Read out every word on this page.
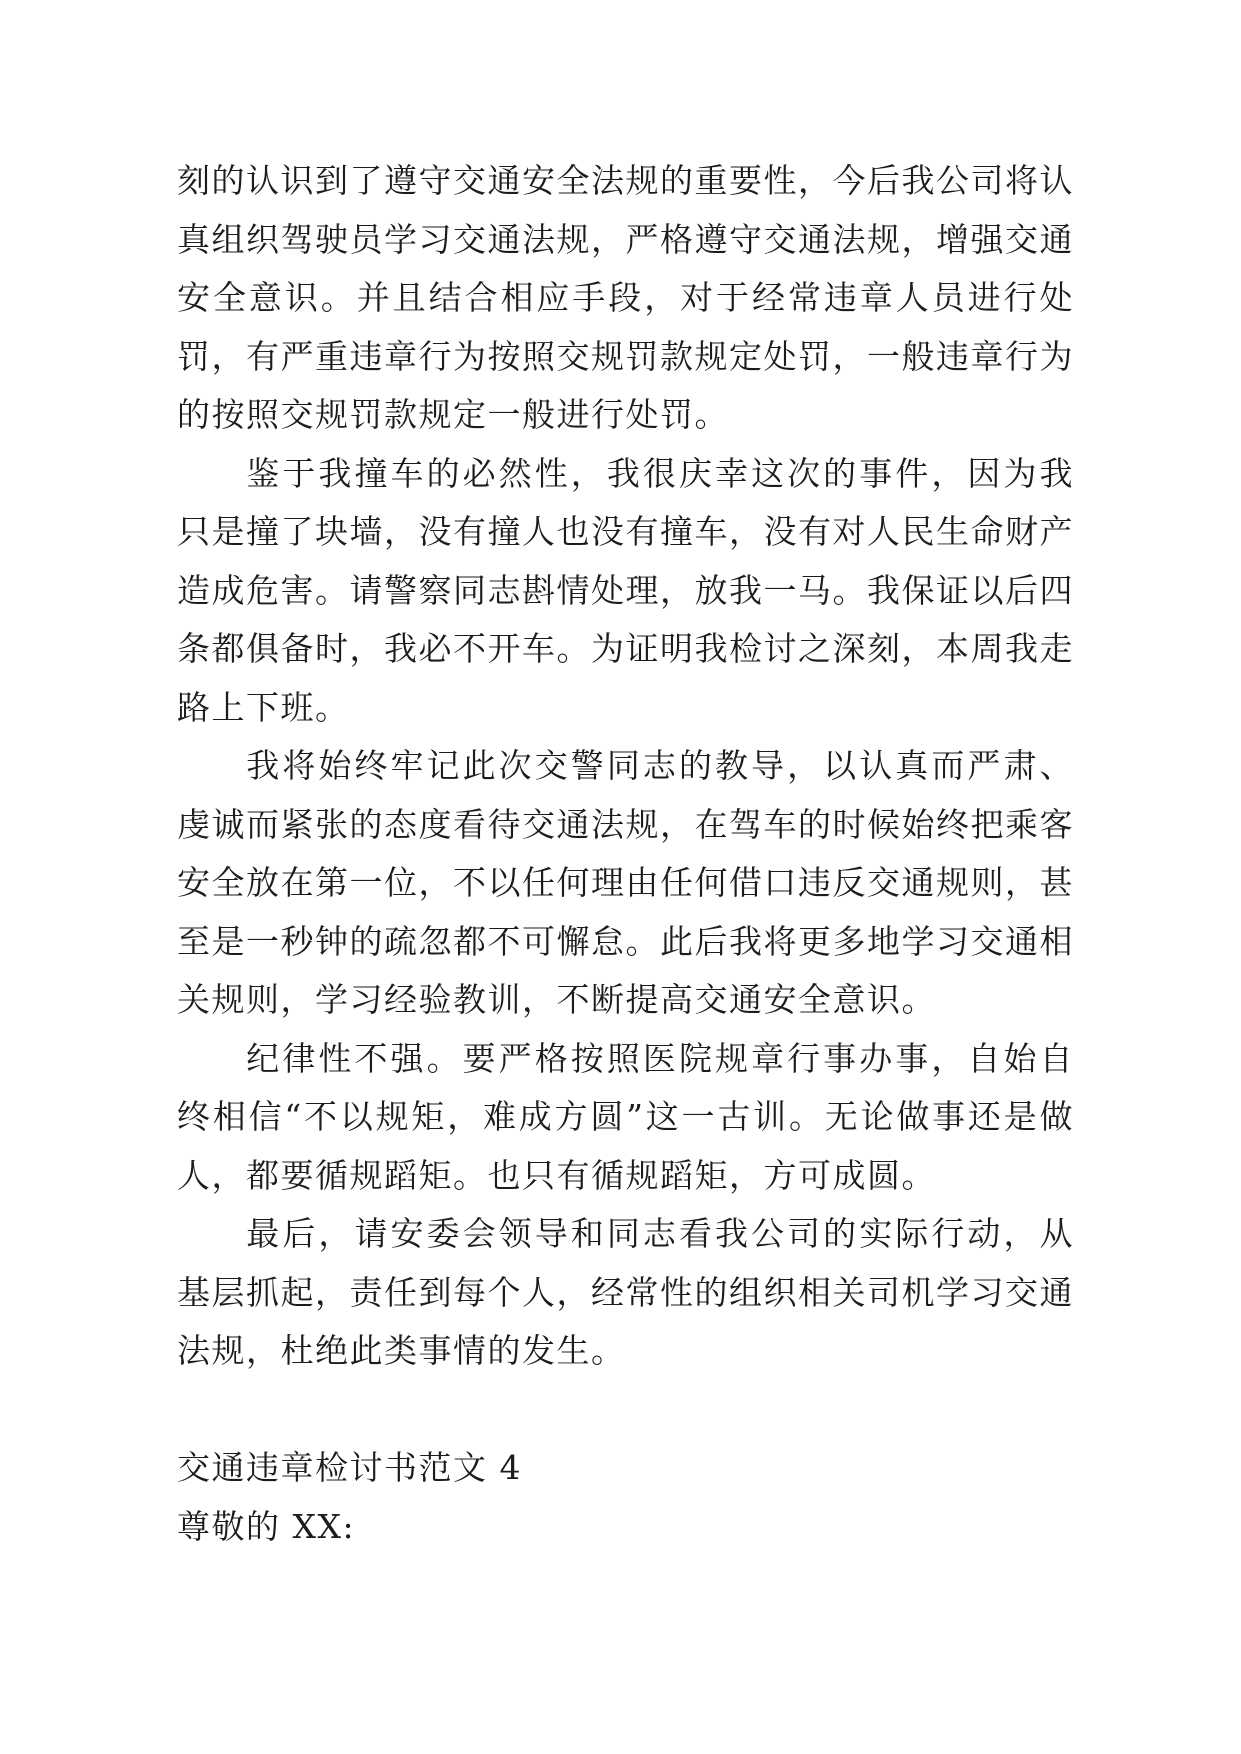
刻的认识到了遵守交通安全法规的重要性，今后我公司将认真组织驾驶员学习交通法规，严格遵守交通法规，增强交通安全意识。并且结合相应手段，对于经常违章人员进行处罚，有严重违章行为按照交规罚款规定处罚，一般违章行为的按照交规罚款规定一般进行处罚。

鉴于我撞车的必然性，我很庆幸这次的事件，因为我只是撞了块墙，没有撞人也没有撞车，没有对人民生命财产造成危害。请警察同志斟情处理，放我一马。我保证以后四条都俱备时，我必不开车。为证明我检讨之深刻，本周我走路上下班。

我将始终牢记此次交警同志的教导，以认真而严肃、虔诚而紧张的态度看待交通法规，在驾车的时候始终把乘客安全放在第一位，不以任何理由任何借口违反交通规则，甚至是一秒钟的疏忽都不可懈怠。此后我将更多地学习交通相关规则，学习经验教训，不断提高交通安全意识。

纪律性不强。要严格按照医院规章行事办事，自始自终相信“不以规矩，难成方圆”这一古训。无论做事还是做人，都要循规蹈矩。也只有循规蹈矩，方可成圆。

最后，请安委会领导和同志看我公司的实际行动，从基层抓起，责任到每个人，经常性的组织相关司机学习交通法规，杜绝此类事情的发生。

交通违章检讨书范文 4

尊敬的 XX:
